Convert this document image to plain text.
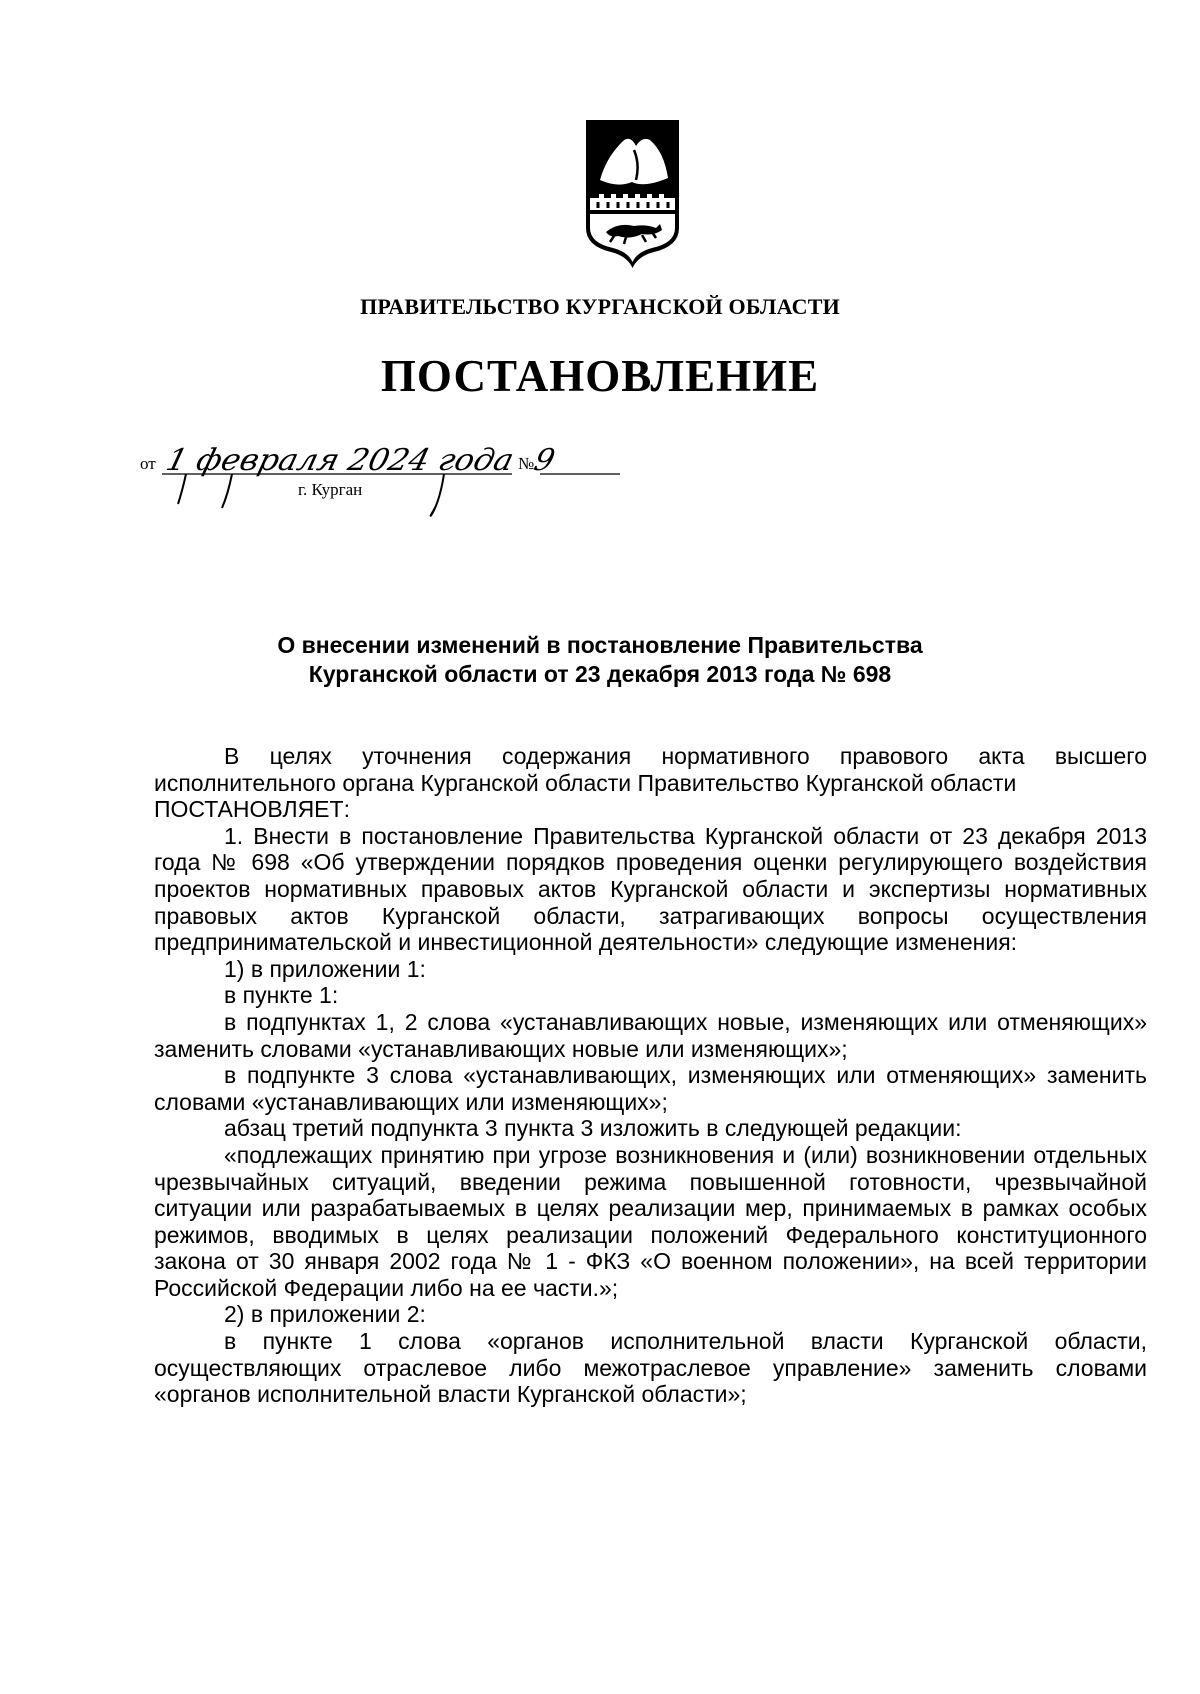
ПРАВИТЕЛЬСТВО КУРГАНСКОЙ ОБЛАСТИ
ПОСТАНОВЛЕНИЕ
от	№
г. Курган
1 февраля 2024 года	9
О внесении изменений в постановление Правительства
Курганской области от 23 декабря 2013 года № 698

В целях уточнения содержания нормативного правового акта высшего исполнительного органа Курганской области Правительство Курганской области

ПОСТАНОВЛЯЕТ:

1. Внести в постановление Правительства Курганской области от 23 декабря 2013 года № 698 «Об утверждении порядков проведения оценки регулирующего воздействия проектов нормативных правовых актов Курганской области и экспертизы нормативных правовых актов Курганской области, затрагивающих вопросы осуществления предпринимательской и инвестиционной деятельности» следующие изменения:

1) в приложении 1:

в пункте 1:

в подпунктах 1, 2 слова «устанавливающих новые, изменяющих или отменяющих» заменить словами «устанавливающих новые или изменяющих»;

в подпункте 3 слова «устанавливающих, изменяющих или отменяющих» заменить словами «устанавливающих или изменяющих»;

абзац третий подпункта 3 пункта 3 изложить в следующей редакции:

«подлежащих принятию при угрозе возникновения и (или) возникновении отдельных чрезвычайных ситуаций, введении режима повышенной готовности, чрезвычайной ситуации или разрабатываемых в целях реализации мер, принимаемых в рамках особых режимов, вводимых в целях реализации положений Федерального конституционного закона от 30 января 2002 года № 1 - ФКЗ «О военном положении», на всей территории Российской Федерации либо на ее части.»;

2) в приложении 2:

в пункте 1 слова «органов исполнительной власти Курганской области, осуществляющих отраслевое либо межотраслевое управление» заменить словами «органов исполнительной власти Курганской области»;
